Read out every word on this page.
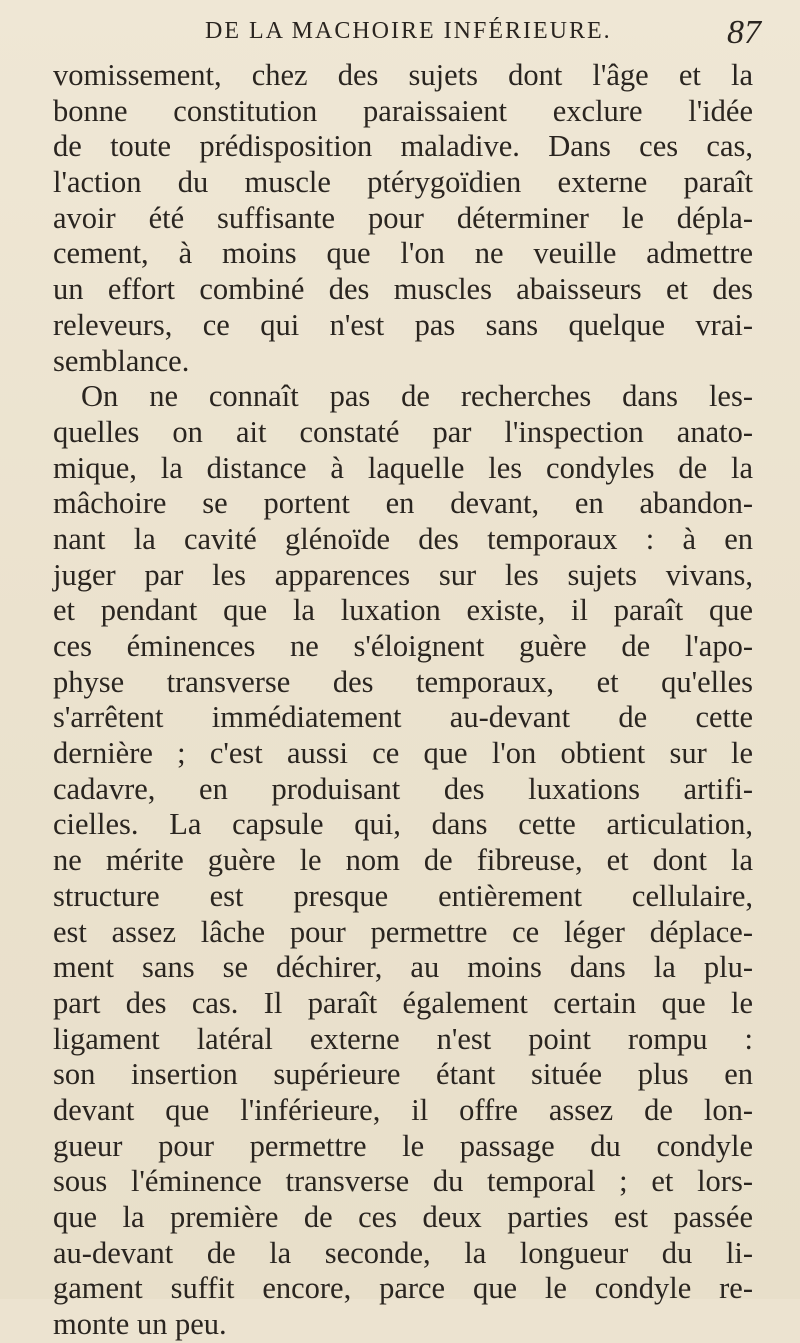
DE LA MACHOIRE INFÉRIEURE.	87
vomissement, chez des sujets dont l'âge et la
bonne constitution paraissaient exclure l'idée
de toute prédisposition maladive. Dans ces cas,
l'action du muscle ptérygoïdien externe paraît
avoir été suffisante pour déterminer le dépla-
cement, à moins que l'on ne veuille admettre
un effort combiné des muscles abaisseurs et des
releveurs, ce qui n'est pas sans quelque vrai-
semblance.
On ne connaît pas de recherches dans les-
quelles on ait constaté par l'inspection anato-
mique, la distance à laquelle les condyles de la
mâchoire se portent en devant, en abandon-
nant la cavité glénoïde des temporaux : à en
juger par les apparences sur les sujets vivans,
et pendant que la luxation existe, il paraît que
ces éminences ne s'éloignent guère de l'apo-
physe transverse des temporaux, et qu'elles
s'arrêtent immédiatement au-devant de cette
dernière ; c'est aussi ce que l'on obtient sur le
cadavre, en produisant des luxations artifi-
cielles. La capsule qui, dans cette articulation,
ne mérite guère le nom de fibreuse, et dont la
structure est presque entièrement cellulaire,
est assez lâche pour permettre ce léger déplace-
ment sans se déchirer, au moins dans la plu-
part des cas. Il paraît également certain que le
ligament latéral externe n'est point rompu :
son insertion supérieure étant située plus en
devant que l'inférieure, il offre assez de lon-
gueur pour permettre le passage du condyle
sous l'éminence transverse du temporal ; et lors-
que la première de ces deux parties est passée
au-devant de la seconde, la longueur du li-
gament suffit encore, parce que le condyle re-
monte un peu.
